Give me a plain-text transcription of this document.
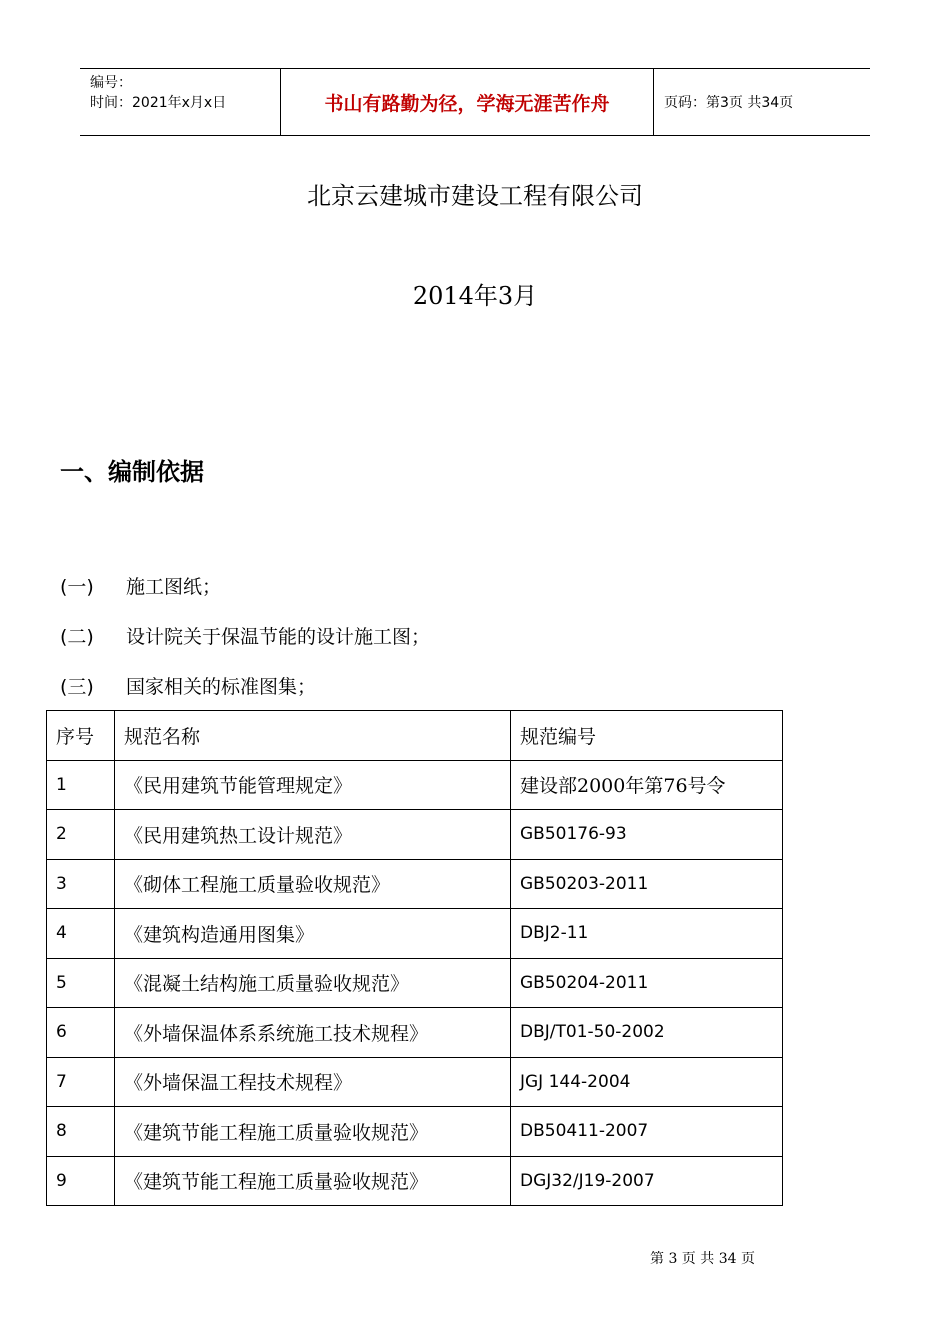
编号：
时间：2021年x月x日	书山有路勤为径，学海无涯苦作舟	页码：第3页 共34页
北京云建城市建设工程有限公司
2014年3月
一、编制依据
(一)	施工图纸；
(二)	设计院关于保温节能的设计施工图；
(三)	国家相关的标准图集；
序号	规范名称	规范编号
1	《民用建筑节能管理规定》	建设部2000年第76号令
2	《民用建筑热工设计规范》	GB50176-93
3	《砌体工程施工质量验收规范》	GB50203-2011
4	《建筑构造通用图集》	DBJ2-11
5	《混凝土结构施工质量验收规范》	GB50204-2011
6	《外墙保温体系系统施工技术规程》	DBJ/T01-50-2002
7	《外墙保温工程技术规程》	JGJ 144-2004
8	《建筑节能工程施工质量验收规范》	DB50411-2007
9	《建筑节能工程施工质量验收规范》	DGJ32/J19-2007
第 3 页 共 34 页
